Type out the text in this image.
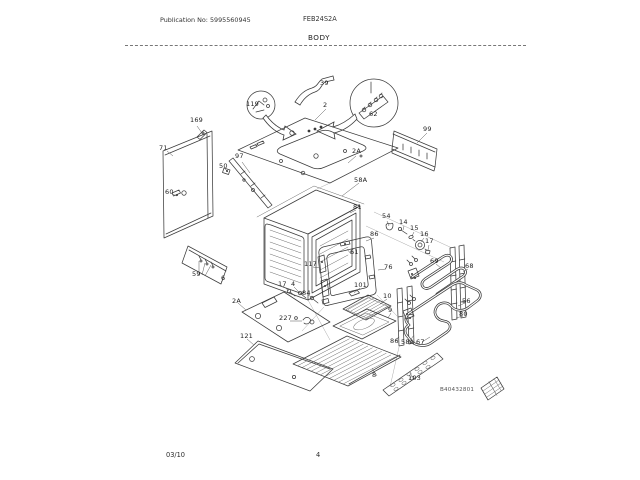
Publication No: 5995560945	FEB24S2A
BODY
119
39
2
62
2A
99
169
71
97
50
60
58A
81
54
14
15
16
17
86
61
117	76
69
68
56
80
59	6
17 4
84
101
227
2A
121
10
9
8	103
86 58A 67
B40432801
03/10	4
